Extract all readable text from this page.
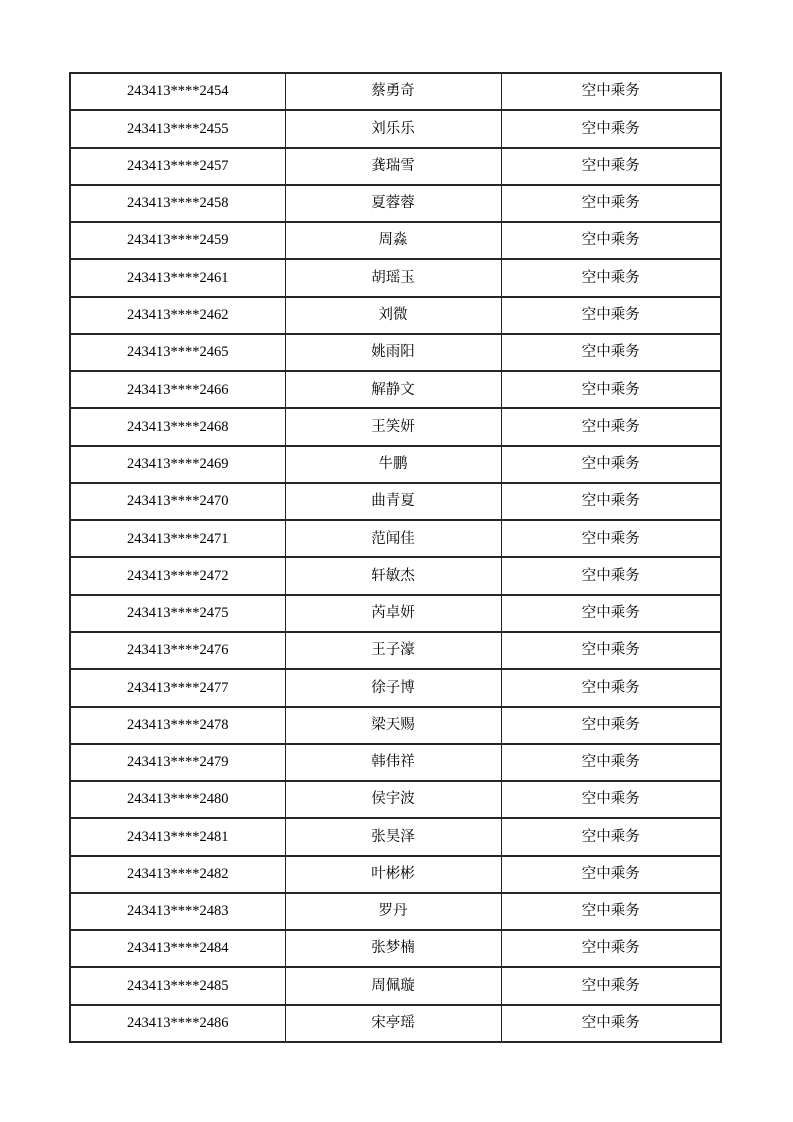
243413****2454	蔡勇奇	空中乘务
243413****2455	刘乐乐	空中乘务
243413****2457	龚瑞雪	空中乘务
243413****2458	夏蓉蓉	空中乘务
243413****2459	周淼	空中乘务
243413****2461	胡瑶玉	空中乘务
243413****2462	刘微	空中乘务
243413****2465	姚雨阳	空中乘务
243413****2466	解静文	空中乘务
243413****2468	王笑妍	空中乘务
243413****2469	牛鹏	空中乘务
243413****2470	曲青夏	空中乘务
243413****2471	范闻佳	空中乘务
243413****2472	轩敏杰	空中乘务
243413****2475	芮卓妍	空中乘务
243413****2476	王子濠	空中乘务
243413****2477	徐子博	空中乘务
243413****2478	梁天赐	空中乘务
243413****2479	韩伟祥	空中乘务
243413****2480	侯宇波	空中乘务
243413****2481	张昊泽	空中乘务
243413****2482	叶彬彬	空中乘务
243413****2483	罗丹	空中乘务
243413****2484	张梦楠	空中乘务
243413****2485	周佩璇	空中乘务
243413****2486	宋亭瑶	空中乘务
